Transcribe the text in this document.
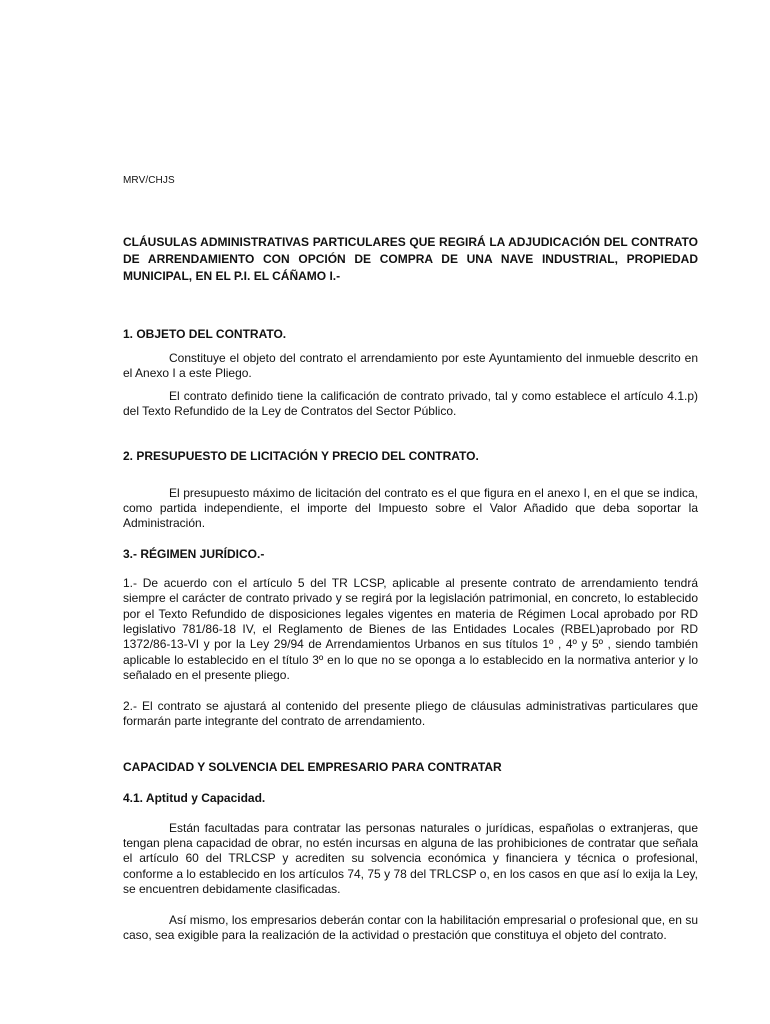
MRV/CHJS

CLÁUSULAS ADMINISTRATIVAS PARTICULARES QUE REGIRÁ LA ADJUDICACIÓN DEL CONTRATO DE ARRENDAMIENTO CON OPCIÓN DE COMPRA DE UNA NAVE INDUSTRIAL, PROPIEDAD MUNICIPAL, EN EL P.I. EL CÁÑAMO I.-

1. OBJETO DEL CONTRATO.

Constituye el objeto del contrato el arrendamiento por este Ayuntamiento del inmueble descrito en el Anexo I a este Pliego.

El contrato definido tiene la calificación de contrato privado, tal y como establece el artículo 4.1.p) del Texto Refundido de la Ley de Contratos del Sector Público.

2. PRESUPUESTO DE LICITACIÓN Y PRECIO DEL CONTRATO.

El presupuesto máximo de licitación del contrato es el que figura en el anexo I, en el que se indica, como partida independiente, el importe del Impuesto sobre el Valor Añadido que deba soportar la Administración.

3.- RÉGIMEN JURÍDICO.-

1.- De acuerdo con el artículo 5 del TR LCSP, aplicable al presente contrato de arrendamiento tendrá siempre el carácter de contrato privado y se regirá por la legislación patrimonial, en concreto, lo establecido por el Texto Refundido de disposiciones legales vigentes en materia de Régimen Local aprobado por RD legislativo 781/86-18 IV, el Reglamento de Bienes de las Entidades Locales (RBEL)aprobado por RD 1372/86-13-VI y por la Ley 29/94 de Arrendamientos Urbanos en sus títulos 1º , 4º y 5º , siendo también aplicable lo establecido en el título 3º en lo que no se oponga a lo establecido en la normativa anterior y lo señalado en el presente pliego.

2.- El contrato se ajustará al contenido del presente pliego de cláusulas administrativas particulares que formarán parte integrante del contrato de arrendamiento.

CAPACIDAD Y SOLVENCIA DEL EMPRESARIO PARA CONTRATAR
4.1. Aptitud y Capacidad.

Están facultadas para contratar las personas naturales o jurídicas, españolas o extranjeras, que tengan plena capacidad de obrar, no estén incursas en alguna de las prohibiciones de contratar que señala el artículo 60 del TRLCSP y acrediten su solvencia económica y financiera y técnica o profesional, conforme a lo establecido en los artículos 74, 75 y 78 del TRLCSP o, en los casos en que así lo exija la Ley, se encuentren debidamente clasificadas.

Así mismo, los empresarios deberán contar con la habilitación empresarial o profesional que, en su caso, sea exigible para la realización de la actividad o prestación que constituya el objeto del contrato.
